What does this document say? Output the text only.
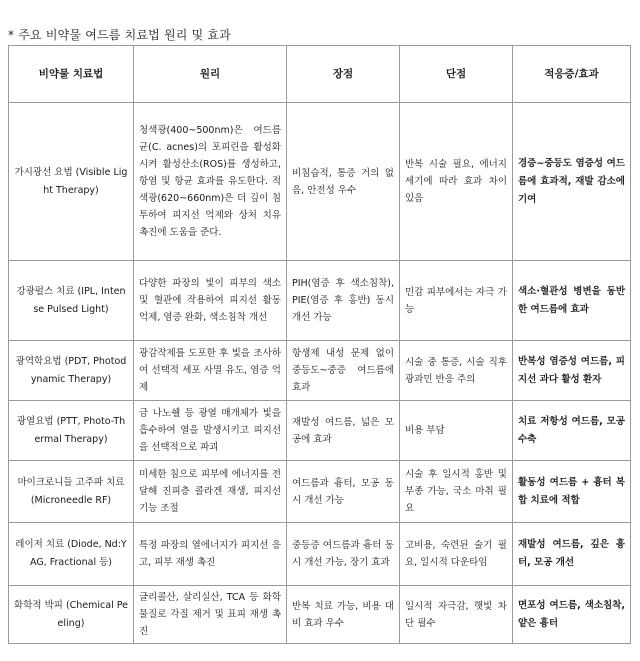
* 주요 비약물 여드름 치료법 원리 및 효과
비약물 치료법	원리	장점	단점	적응증/효과
가시광선 요법 (Visible Light Therapy)	청색광(400~500nm)은 여드름균(C. acnes)의 포피린을 활성화시켜 활성산소(ROS)를 생성하고, 항염 및 항균 효과를 유도한다. 적색광(620~660nm)은 더 깊이 침투하여 피지선 억제와 상처 치유 촉진에 도움을 준다.	비침습적, 통증 거의 없음, 안전성 우수	반복 시술 필요, 에너지 세기에 따라 효과 차이 있음	경증~중등도 염증성 여드름에 효과적, 재발 감소에 기여
강광펄스 치료 (IPL, Intense Pulsed Light)	다양한 파장의 빛이 피부의 색소 및 혈관에 작용하여 피지선 활동 억제, 염증 완화, 색소침착 개선	PIH(염증 후 색소침착), PIE(염증 후 홍반) 동시 개선 가능	민감 피부에서는 자극 가능	색소·혈관성 병변을 동반한 여드름에 효과
광역학요법 (PDT, Photodynamic Therapy)	광감작제를 도포한 후 빛을 조사하여 선택적 세포 사멸 유도, 염증 억제	항생제 내성 문제 없이 중등도~중증 여드름에 효과	시술 중 통증, 시술 직후 광과민 반응 주의	반복성 염증성 여드름, 피지선 과다 활성 환자
광열요법 (PTT, Photo-Thermal Therapy)	금 나노쉘 등 광열 매개체가 빛을 흡수하여 열을 발생시키고 피지선을 선택적으로 파괴	재발성 여드름, 넓은 모공에 효과	비용 부담	치료 저항성 여드름, 모공 수축
마이크로니들 고주파 치료 (Microneedle RF)	미세한 침으로 피부에 에너지를 전달해 진피층 콜라겐 재생, 피지선 기능 조절	여드름과 흉터, 모공 동시 개선 가능	시술 후 일시적 홍반 및 부종 가능, 국소 마취 필요	활동성 여드름 + 흉터 복합 치료에 적합
레이저 치료 (Diode, Nd:YAG, Fractional 등)	특정 파장의 열에너지가 피지선 응고, 피부 재생 촉진	중등증 여드름과 흉터 동시 개선 가능, 장기 효과	고비용, 숙련된 술기 필요, 일시적 다운타임	재발성 여드름, 깊은 흉터, 모공 개선
화학적 박피 (Chemical Peeling)	글리콜산, 살리실산, TCA 등 화학물질로 각질 제거 및 표피 재생 촉진	반복 치료 가능, 비용 대비 효과 우수	일시적 자극감, 햇빛 차단 필수	면포성 여드름, 색소침착, 얕은 흉터
